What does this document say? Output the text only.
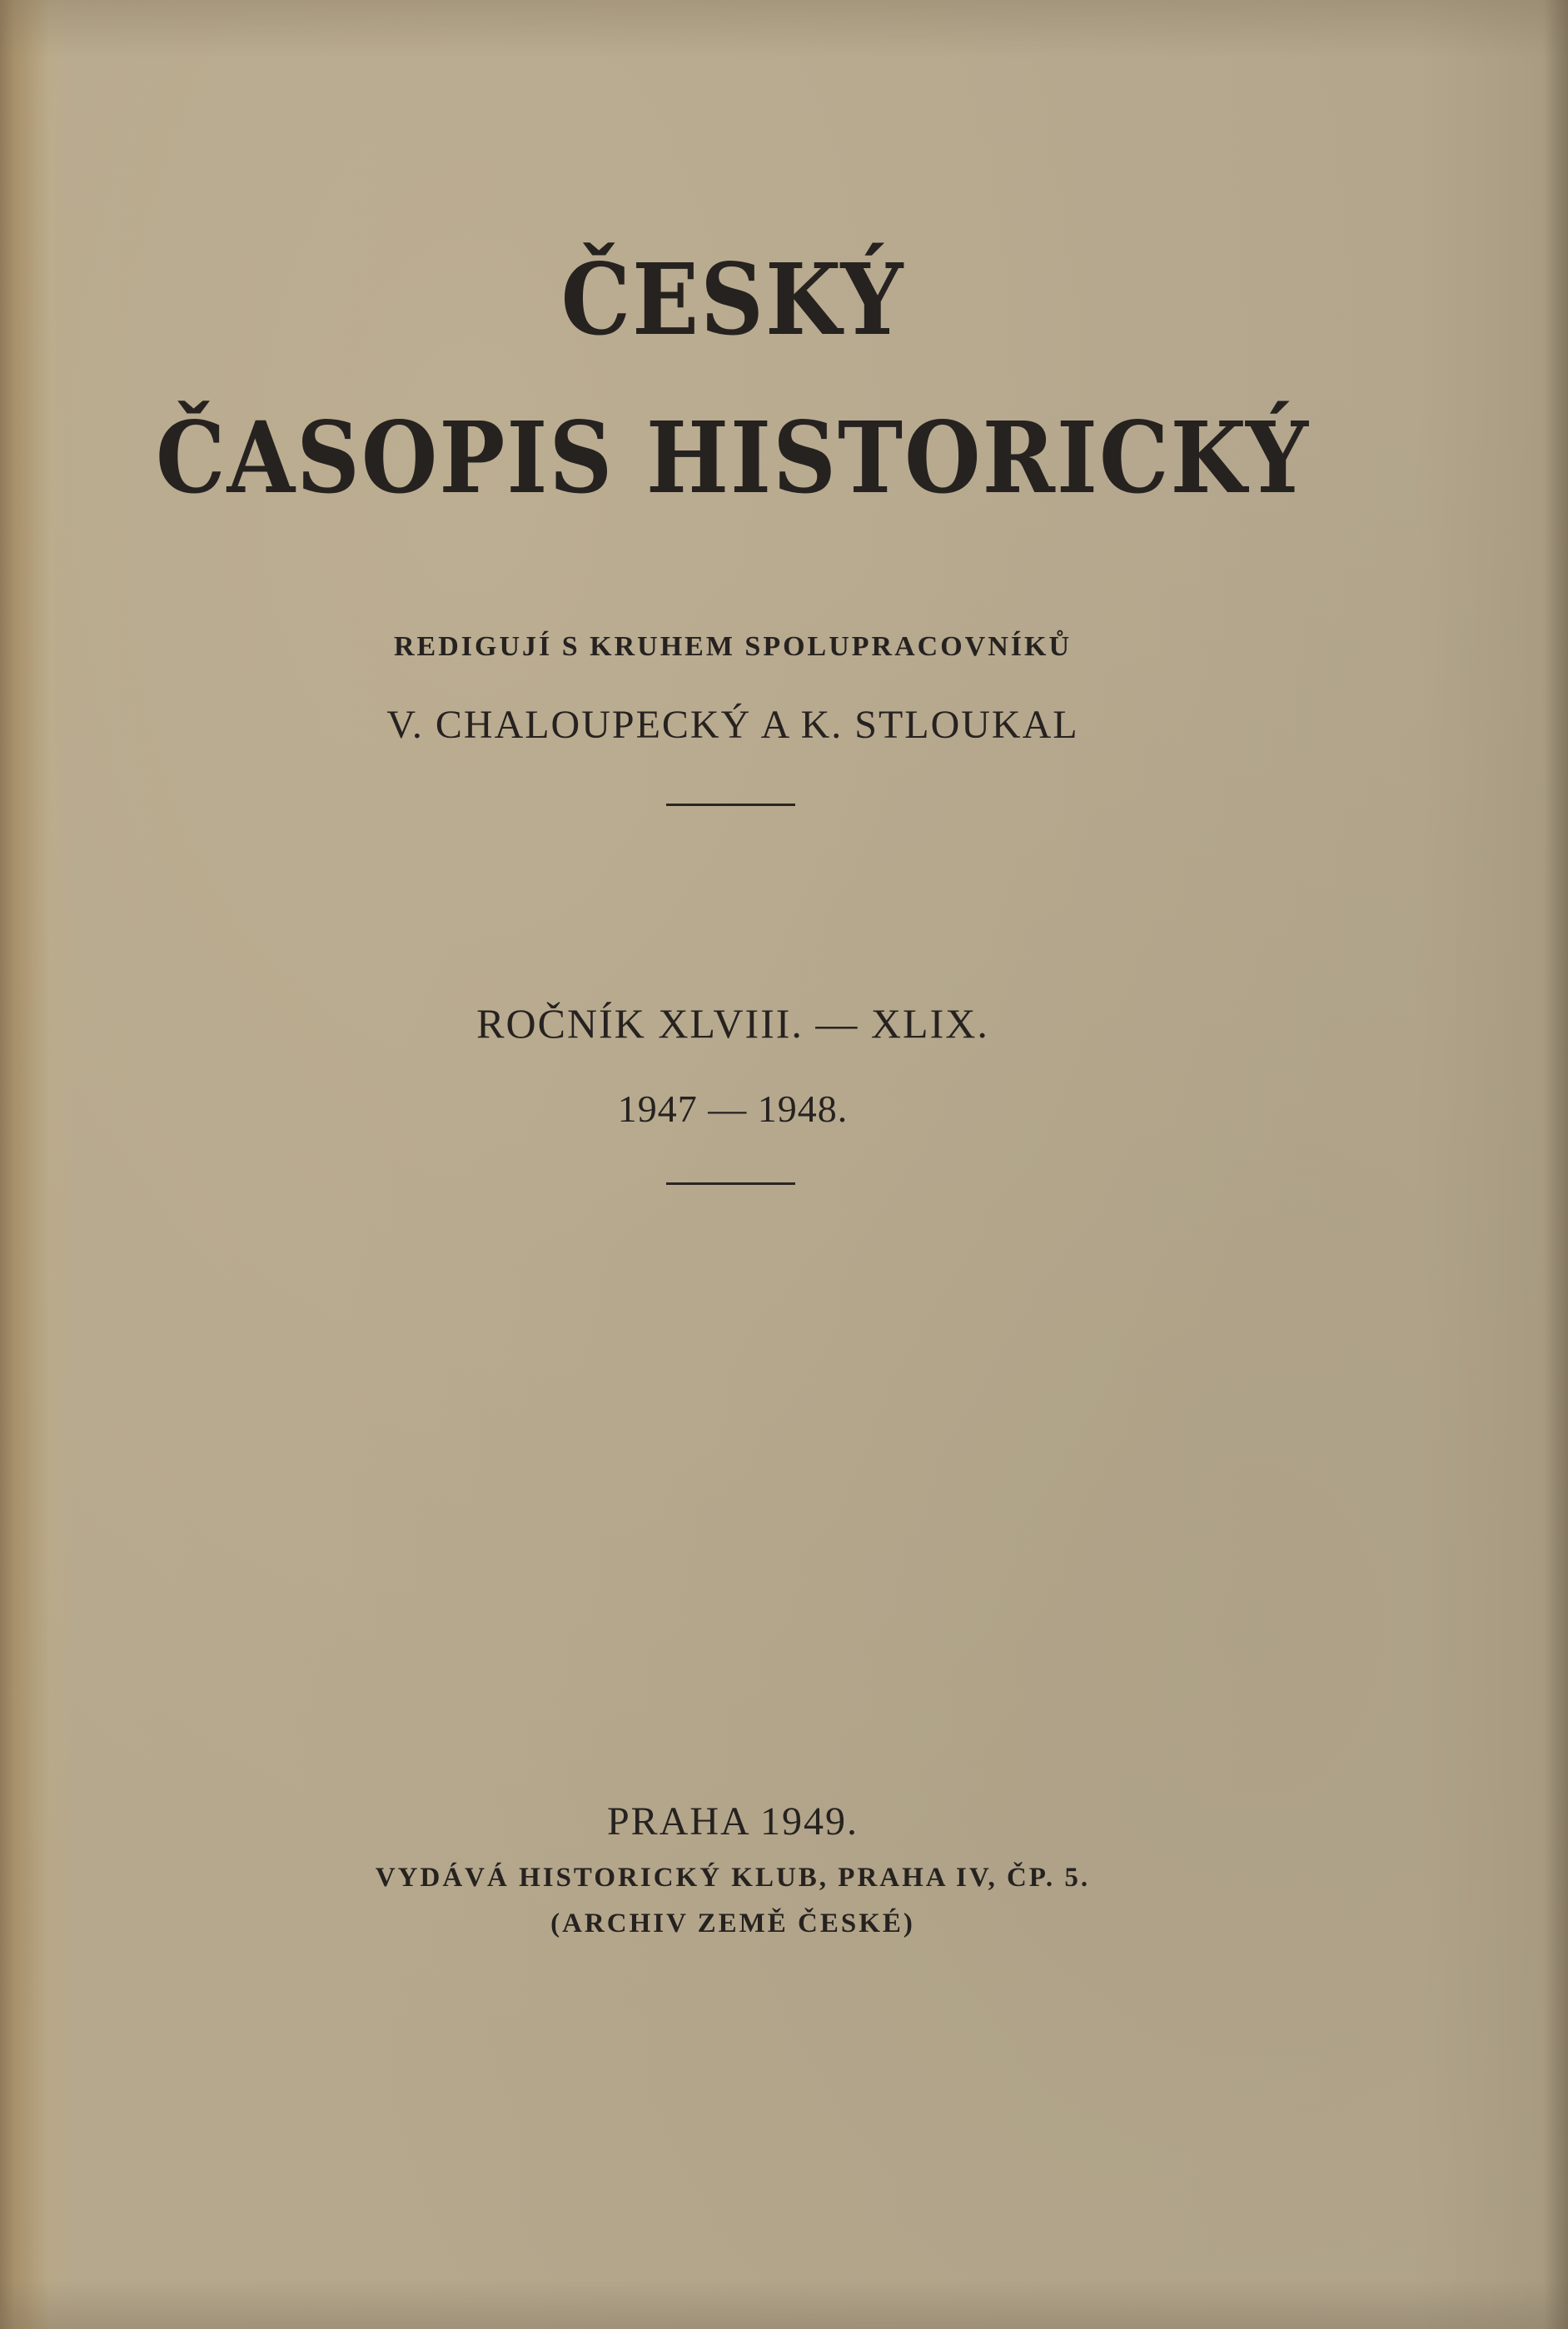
ČESKÝ
ČASOPIS HISTORICKÝ
REDIGUJÍ S KRUHEM SPOLUPRACOVNÍKŮ
V. CHALOUPECKÝ A K. STLOUKAL
ROČNÍK XLVIII. — XLIX.
1947 — 1948.
PRAHA 1949.
VYDÁVÁ HISTORICKÝ KLUB, PRAHA IV, ČP. 5.
(ARCHIV ZEMĚ ČESKÉ)
